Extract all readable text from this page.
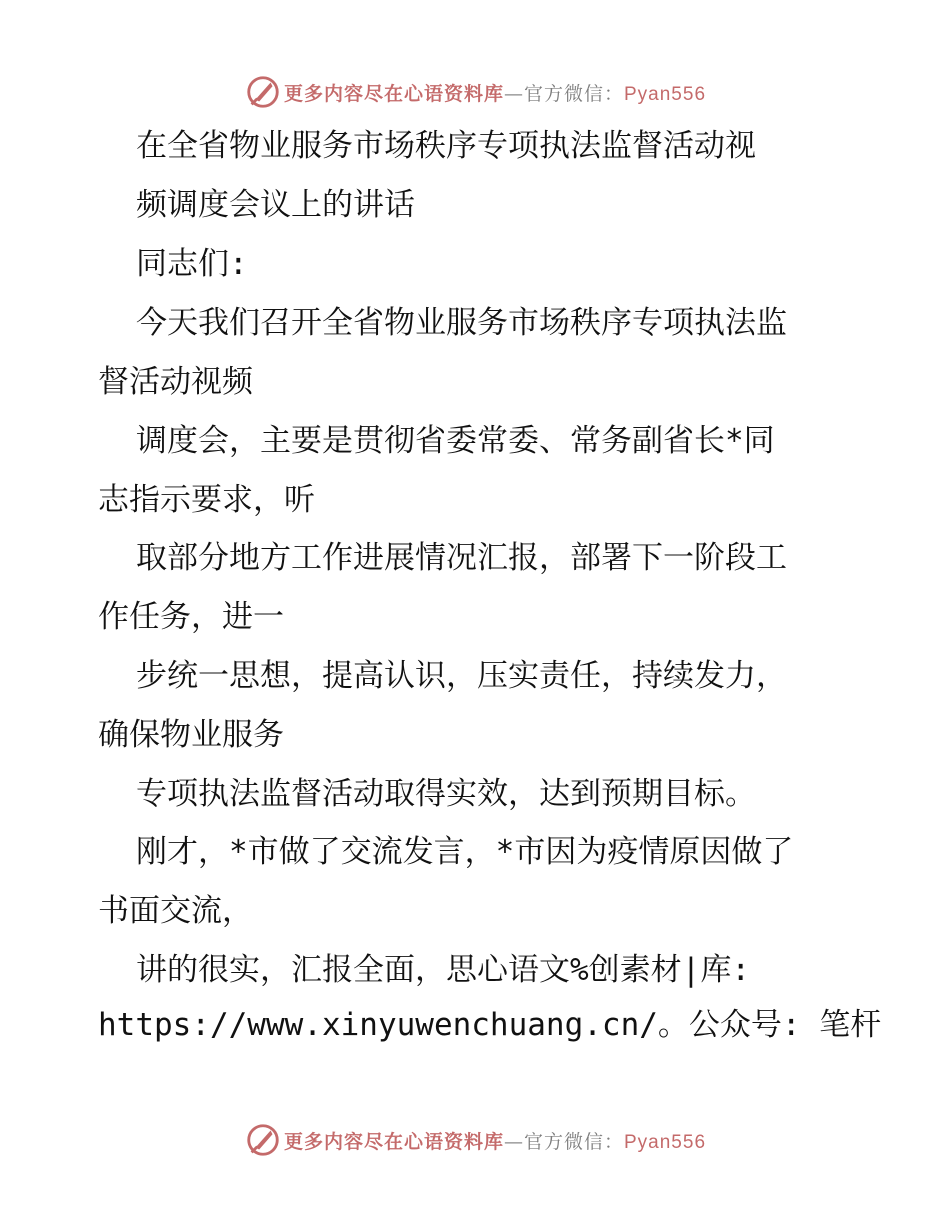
更多内容尽在心语资料库—官方微信：Pyan556
在全省物业服务市场秩序专项执法监督活动视
频调度会议上的讲话
同志们:
今天我们召开全省物业服务市场秩序专项执法监
督活动视频
调度会，主要是贯彻省委常委、常务副省长*同
志指示要求，听
取部分地方工作进展情况汇报，部署下一阶段工
作任务，进一
步统一思想，提高认识，压实责任，持续发力，
确保物业服务
专项执法监督活动取得实效，达到预期目标。
刚才，*市做了交流发言，*市因为疫情原因做了
书面交流，
讲的很实，汇报全面，思心语文%创素材|库:
https://www.xinyuwenchuang.cn/。公众号: 笔杆
更多内容尽在心语资料库—官方微信：Pyan556
